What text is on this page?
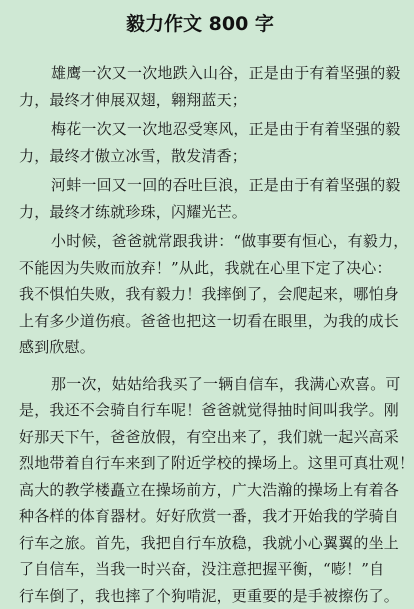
毅力作文 800 字
雄鹰一次又一次地跌入山谷，正是由于有着坚强的毅
力，最终才伸展双翅，翱翔蓝天；
梅花一次又一次地忍受寒风，正是由于有着坚强的毅
力，最终才傲立冰雪，散发清香；
河蚌一回又一回的吞吐巨浪，正是由于有着坚强的毅
力，最终才练就珍珠，闪耀光芒。
小时候，爸爸就常跟我讲：“做事要有恒心，有毅力，
不能因为失败而放弃！”从此，我就在心里下定了决心：
我不惧怕失败，我有毅力！我摔倒了，会爬起来，哪怕身
上有多少道伤痕。爸爸也把这一切看在眼里，为我的成长
感到欣慰。
那一次，姑姑给我买了一辆自信车，我满心欢喜。可
是，我还不会骑自行车呢！爸爸就觉得抽时间叫我学。刚
好那天下午，爸爸放假，有空出来了，我们就一起兴高采
烈地带着自行车来到了附近学校的操场上。这里可真壮观！
高大的教学楼矗立在操场前方，广大浩瀚的操场上有着各
种各样的体育器材。好好欣赏一番，我才开始我的学骑自
行车之旅。首先，我把自行车放稳，我就小心翼翼的坐上
了自信车，当我一时兴奋，没注意把握平衡，“嘭！”自
行车倒了，我也摔了个狗啃泥，更重要的是手被擦伤了。
